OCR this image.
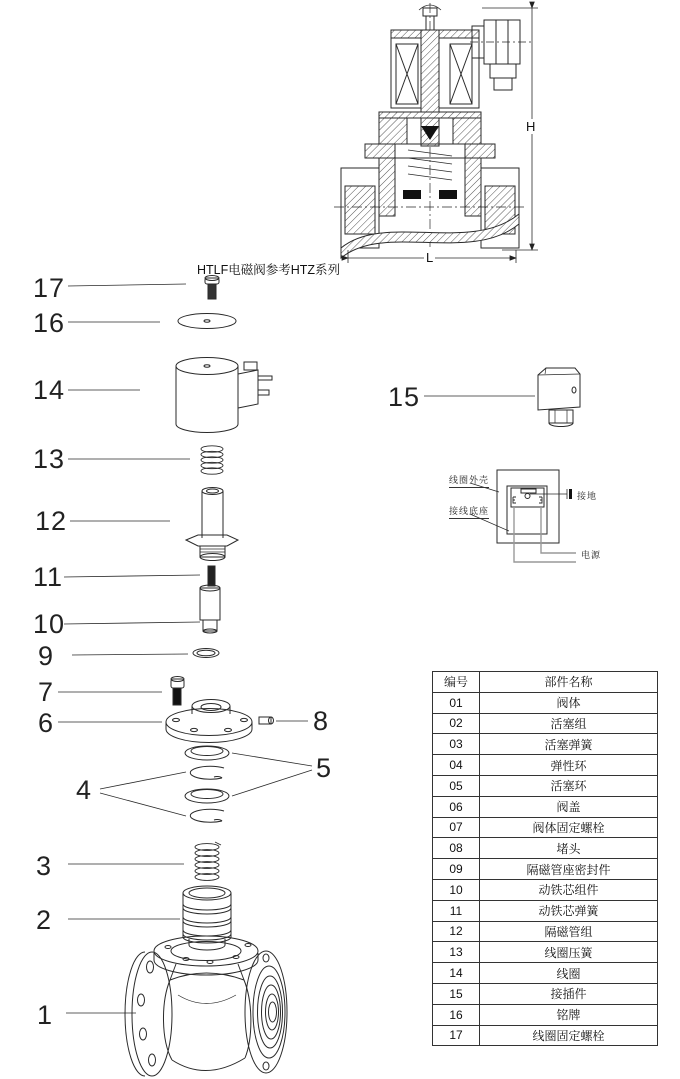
HTLF电磁阀参考HTZ系列
H
L
17
16
14
13
12
11
10
9
7
6	8
5
4
3
2
1
15
线圈外壳
接线底座
接地
电源
编号	部件名称
01	阀体
02	活塞组
03	活塞弹簧
04	弹性环
05	活塞环
06	阀盖
07	阀体固定螺栓
08	堵头
09	隔磁管座密封件
10	动铁芯组件
11	动铁芯弹簧
12	隔磁管组
13	线圈压簧
14	线圈
15	接插件
16	铭牌
17	线圈固定螺栓
